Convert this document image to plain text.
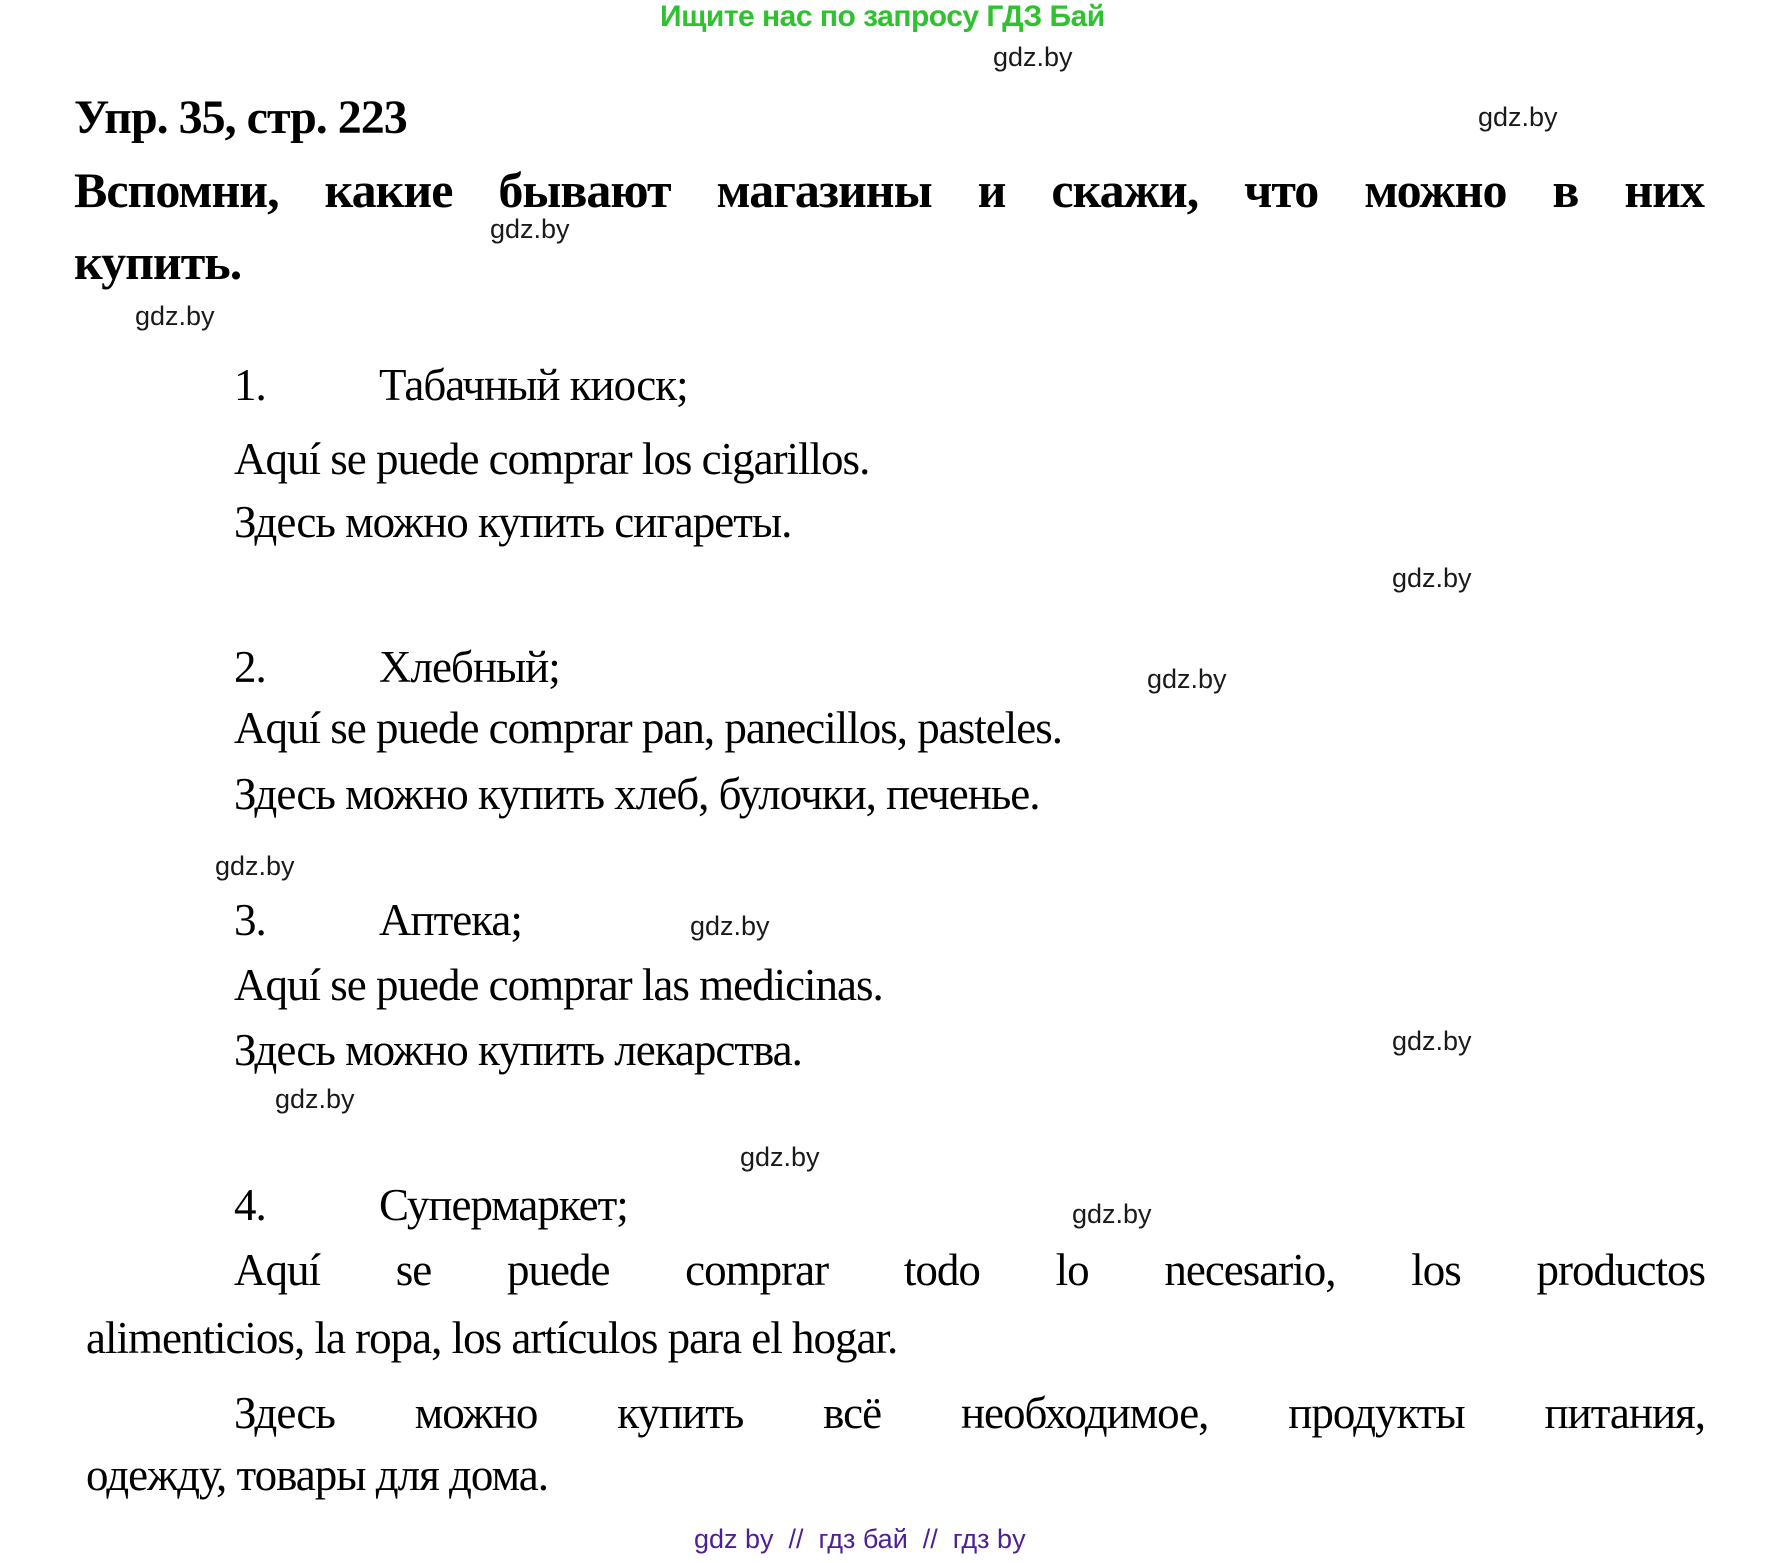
Ищите нас по запросу ГДЗ Бай
gdz.by
gdz.by
gdz.by
gdz.by
gdz.by
gdz.by
gdz.by
gdz.by
gdz.by
gdz.by
gdz.by
gdz.by
Упр. 35, стр. 223
Вспомни, какие бывают магазины и скажи, что можно в них
купить.
1.	Табачный киоск;
Aquí se puede comprar los cigarillos.
Здесь можно купить сигареты.
2.	Хлебный;
Aquí se puede comprar pan, panecillos, pasteles.
Здесь можно купить хлеб, булочки, печенье.
3.	Аптека;
Aquí se puede comprar las medicinas.
Здесь можно купить лекарства.
4.	Супермаркет;
Aquí se puede comprar todo lo necesario, los productos
alimenticios, la ropa, los artículos para el hogar.
Здесь можно купить всё необходимое, продукты питания,
одежду, товары для дома.
gdz by  //  гдз бай  //  гдз by
